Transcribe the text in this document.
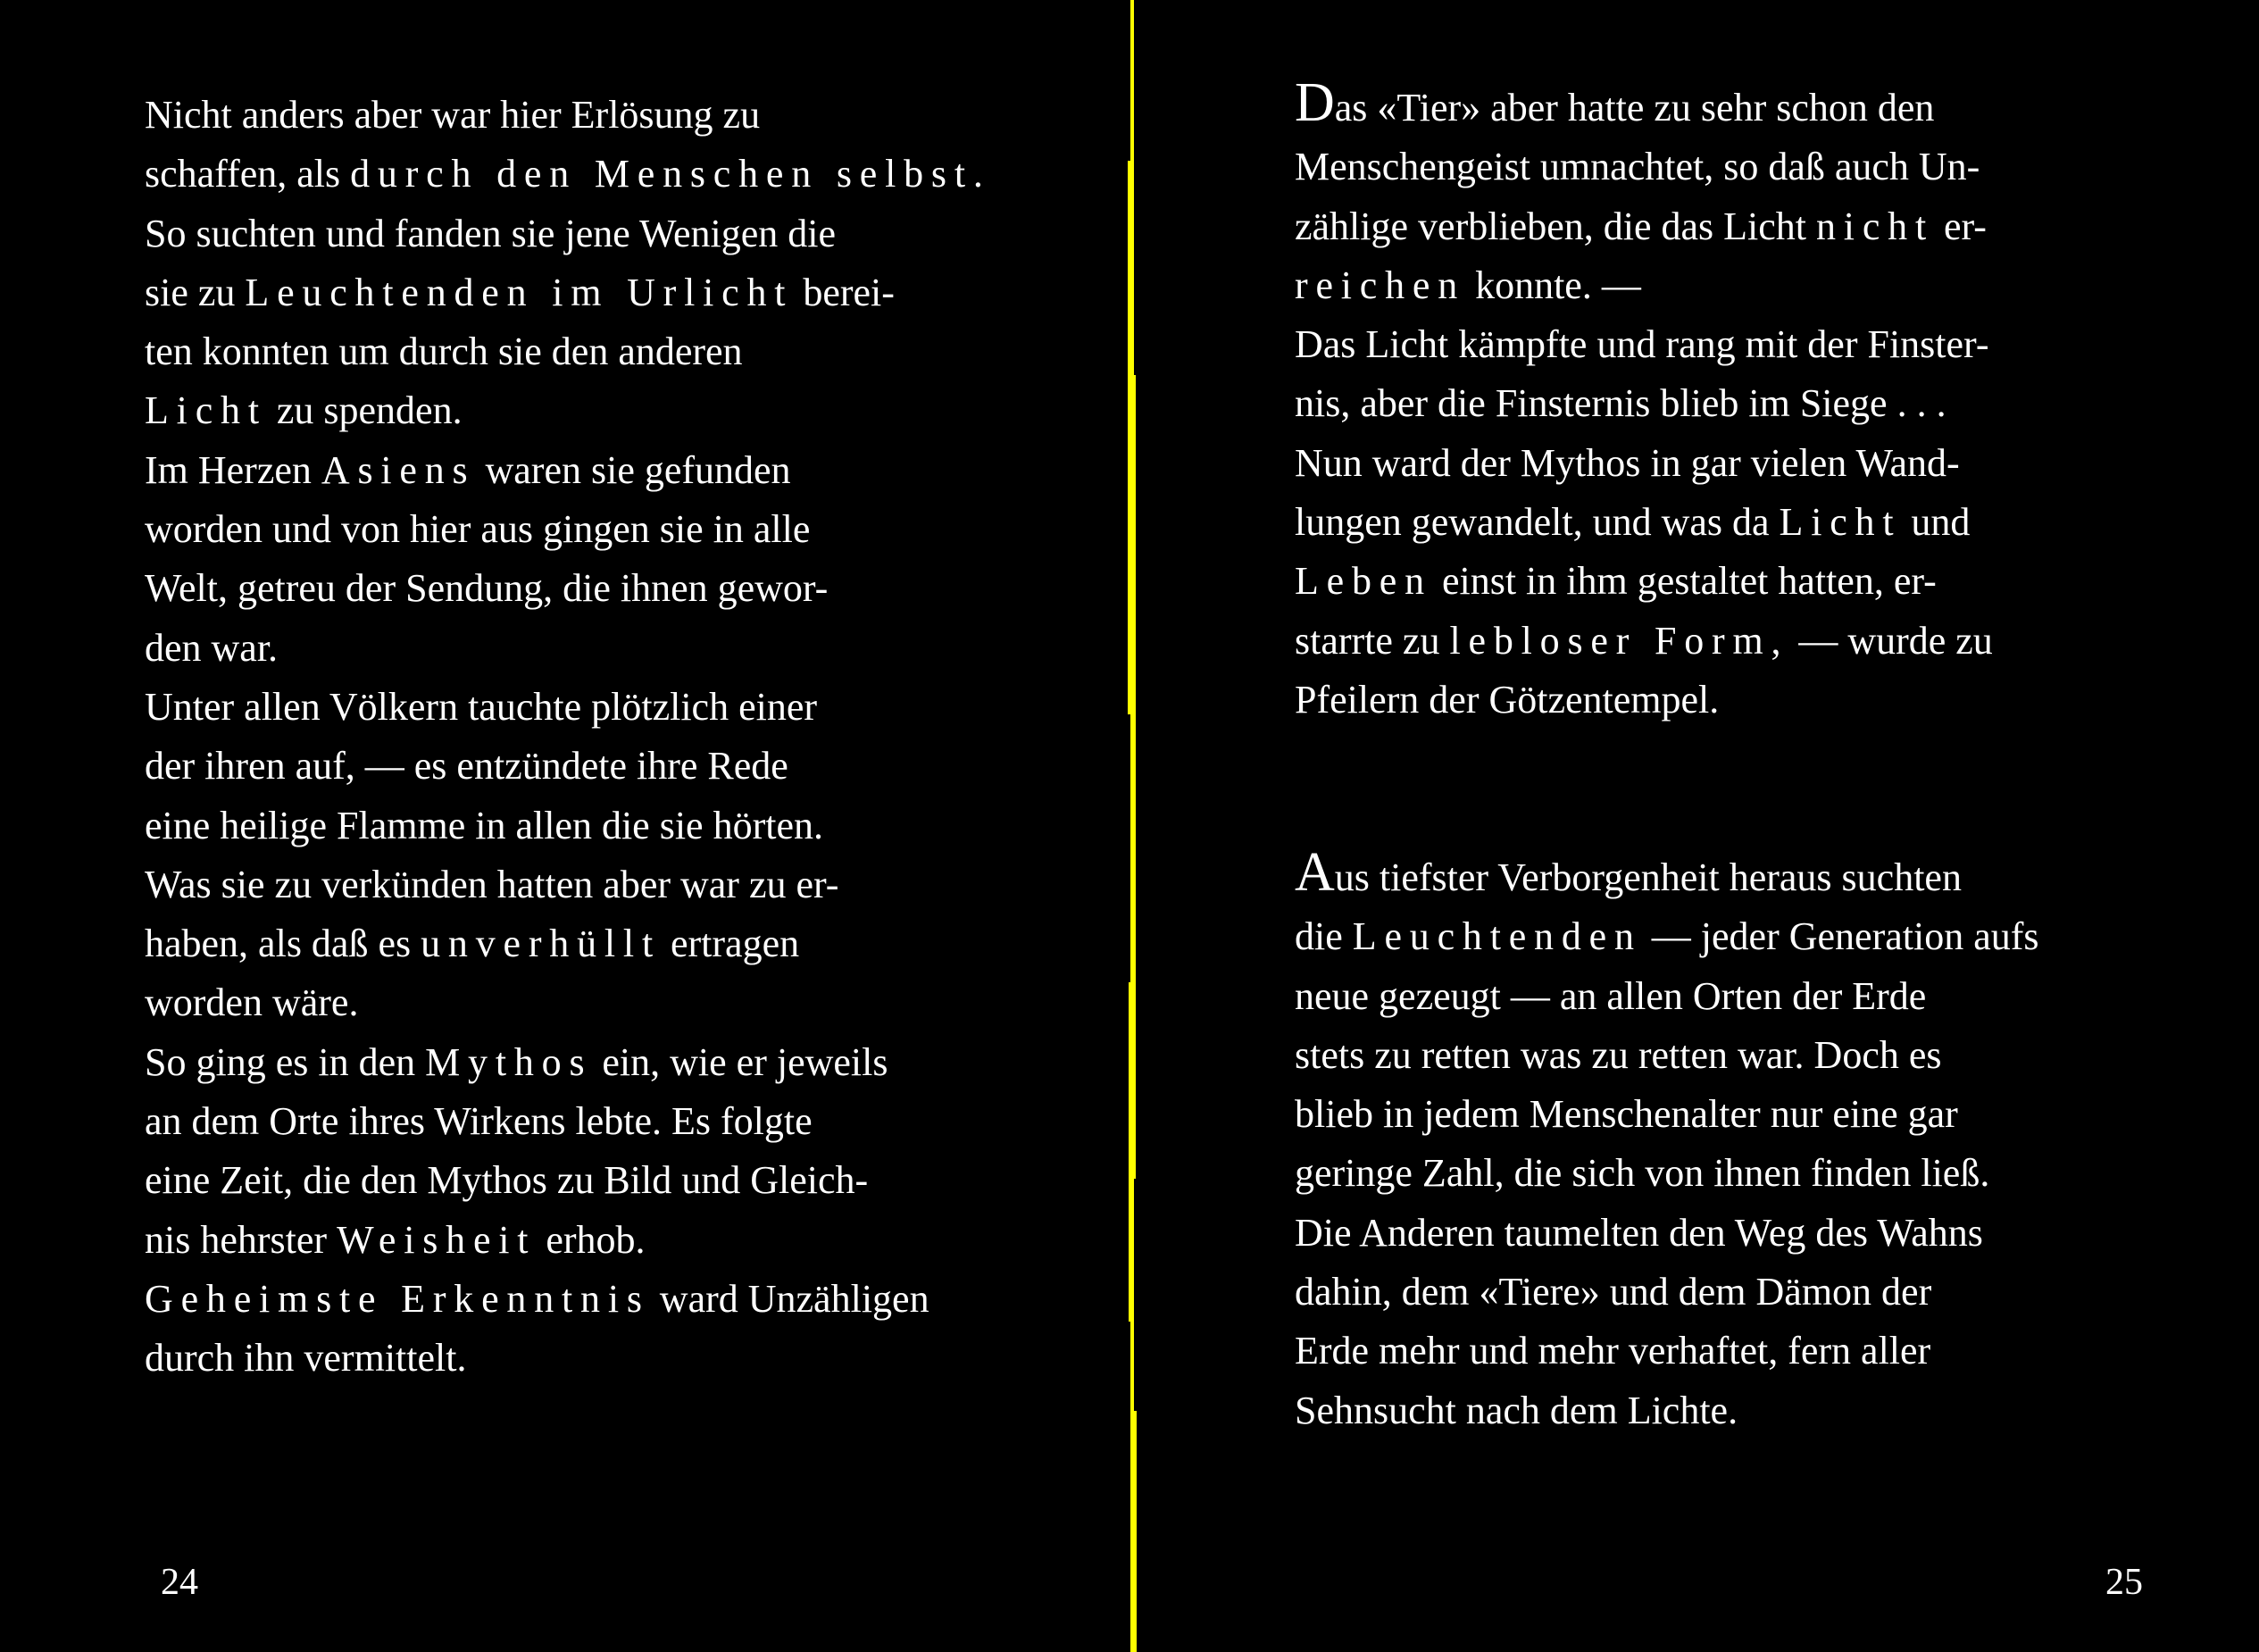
Nicht anders aber war hier Erlösung zu
schaffen, als durch den Menschen selbst.
So suchten und fanden sie jene Wenigen die
sie zu Leuchtenden im Urlicht berei-
ten konnten um durch sie den anderen
Licht zu spenden.
Im Herzen Asiens waren sie gefunden
worden und von hier aus gingen sie in alle
Welt, getreu der Sendung, die ihnen gewor-
den war.
Unter allen Völkern tauchte plötzlich einer
der ihren auf, — es entzündete ihre Rede
eine heilige Flamme in allen die sie hörten.
Was sie zu verkünden hatten aber war zu er-
haben, als daß es unverhüllt ertragen
worden wäre.
So ging es in den Mythos ein, wie er jeweils
an dem Orte ihres Wirkens lebte. Es folgte
eine Zeit, die den Mythos zu Bild und Gleich-
nis hehrster Weisheit erhob.
Geheimste Erkenntnis ward Unzähligen
durch ihn vermittelt.
24
Das «Tier» aber hatte zu sehr schon den
Menschengeist umnachtet, so daß auch Un-
zählige verblieben, die das Licht nicht er-
reichen konnte. —
Das Licht kämpfte und rang mit der Finster-
nis, aber die Finsternis blieb im Siege . . .
Nun ward der Mythos in gar vielen Wand-
lungen gewandelt, und was da Licht und
Leben einst in ihm gestaltet hatten, er-
starrte zu lebloser Form, — wurde zu
Pfeilern der Götzentempel.
Aus tiefster Verborgenheit heraus suchten
die Leuchtenden — jeder Generation aufs
neue gezeugt — an allen Orten der Erde
stets zu retten was zu retten war. Doch es
blieb in jedem Menschenalter nur eine gar
geringe Zahl, die sich von ihnen finden ließ.
Die Anderen taumelten den Weg des Wahns
dahin, dem «Tiere» und dem Dämon der
Erde mehr und mehr verhaftet, fern aller
Sehnsucht nach dem Lichte.
25
